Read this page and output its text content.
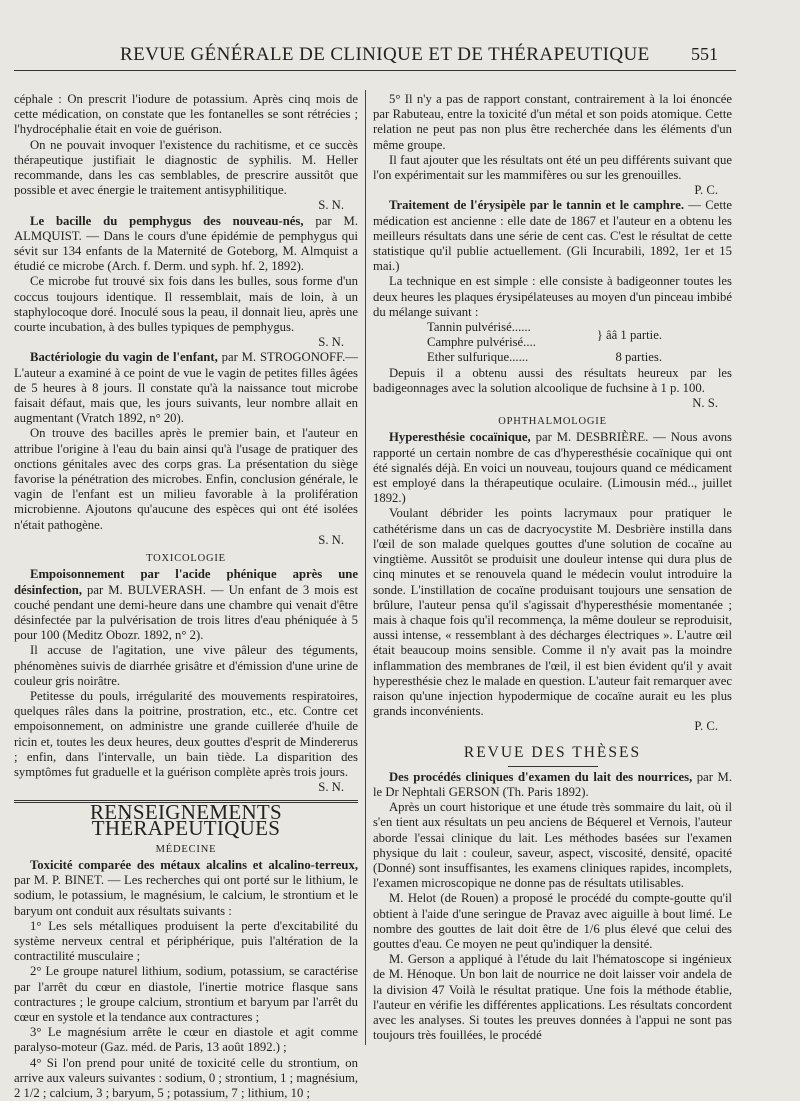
REVUE GÉNÉRALE DE CLINIQUE ET DE THÉRAPEUTIQUE 551

céphale : On prescrit l'iodure de potassium. Après cinq mois de cette médication, on constate que les fontanelles se sont rétrécies ; l'hydrocéphalie était en voie de guérison.

On ne pouvait invoquer l'existence du rachitisme, et ce succès thérapeutique justifiait le diagnostic de syphilis. M. Heller recommande, dans les cas semblables, de prescrire aussitôt que possible et avec énergie le traitement antisyphilitique.

S. N.

Le bacille du pemphygus des nouveau-nés, par M. ALMQUIST. — Dans le cours d'une épidémie de pemphygus qui sévit sur 134 enfants de la Maternité de Goteborg, M. Almquist a étudié ce microbe (Arch. f. Derm. und syph. hf. 2, 1892).

Ce microbe fut trouvé six fois dans les bulles, sous forme d'un coccus toujours identique. Il ressemblait, mais de loin, à un staphylocoque doré. Inoculé sous la peau, il donnait lieu, après une courte incubation, à des bulles typiques de pemphygus.

S. N.

Bactériologie du vagin de l'enfant, par M. STROGONOFF.— L'auteur a examiné à ce point de vue le vagin de petites filles âgées de 5 heures à 8 jours. Il constate qu'à la naissance tout microbe faisait défaut, mais que, les jours suivants, leur nombre allait en augmentant (Vratch 1892, n° 20).

On trouve des bacilles après le premier bain, et l'auteur en attribue l'origine à l'eau du bain ainsi qu'à l'usage de pratiquer des onctions génitales avec des corps gras. La présentation du siège favorise la pénétration des microbes. Enfin, conclusion générale, le vagin de l'enfant est un milieu favorable à la prolifération microbienne. Ajoutons qu'aucune des espèces qui ont été isolées n'était pathogène.

S. N.

TOXICOLOGIE

Empoisonnement par l'acide phénique après une désinfection, par M. BULVERASH. — Un enfant de 3 mois est couché pendant une demi-heure dans une chambre qui venait d'être désinfectée par la pulvérisation de trois litres d'eau phéniquée à 5 pour 100 (Meditz Obozr. 1892, n° 2).

Il accuse de l'agitation, une vive pâleur des téguments, phénomènes suivis de diarrhée grisâtre et d'émission d'une urine de couleur gris noirâtre.

Petitesse du pouls, irrégularité des mouvements respiratoires, quelques râles dans la poitrine, prostration, etc., etc. Contre cet empoisonnement, on administre une grande cuillerée d'huile de ricin et, toutes les deux heures, deux gouttes d'esprit de Mindererus ; enfin, dans l'intervalle, un bain tiède. La disparition des symptômes fut graduelle et la guérison complète après trois jours.

S. N.

RENSEIGNEMENTS THÉRAPEUTIQUES
MÉDECINE

Toxicité comparée des métaux alcalins et alcalino-terreux, par M. P. BINET. — Les recherches qui ont porté sur le lithium, le sodium, le potassium, le magnésium, le calcium, le strontium et le baryum ont conduit aux résultats suivants :

1° Les sels métalliques produisent la perte d'excitabilité du système nerveux central et périphérique, puis l'altération de la contractilité musculaire ;

2° Le groupe naturel lithium, sodium, potassium, se caractérise par l'arrêt du cœur en diastole, l'inertie motrice flasque sans contractures ; le groupe calcium, strontium et baryum par l'arrêt du cœur en systole et la tendance aux contractures ;

3° Le magnésium arrête le cœur en diastole et agit comme paralyso-moteur (Gaz. méd. de Paris, 13 août 1892.) ;

4° Si l'on prend pour unité de toxicité celle du strontium, on arrive aux valeurs suivantes : sodium, 0 ; strontium, 1 ; magnésium, 2 1/2 ; calcium, 3 ; baryum, 5 ; potassium, 7 ; lithium, 10 ;

5° Il n'y a pas de rapport constant, contrairement à la loi énoncée par Rabuteau, entre la toxicité d'un métal et son poids atomique. Cette relation ne peut pas non plus être recherchée dans les éléments d'un même groupe.

Il faut ajouter que les résultats ont été un peu différents suivant que l'on expérimentait sur les mammifères ou sur les grenouilles.

P. C.

Traitement de l'érysipèle par le tannin et le camphre. — Cette médication est ancienne : elle date de 1867 et l'auteur en a obtenu les meilleurs résultats dans une série de cent cas. C'est le résultat de cette statistique qu'il publie actuellement. (Gli Incurabili, 1892, 1er et 15 mai.)

La technique en est simple : elle consiste à badigeonner toutes les deux heures les plaques érysipélateuses au moyen d'un pinceau imbibé du mélange suivant :

Tannin pulvérisé......
Camphre pulvérisé....
} ââ 1 partie.
Ether sulfurique......	8 parties.

Depuis il a obtenu aussi des résultats heureux par les badigeonnages avec la solution alcoolique de fuchsine à 1 p. 100.

N. S.

OPHTHALMOLOGIE

Hyperesthésie cocaïnique, par M. DESBRIÈRE. — Nous avons rapporté un certain nombre de cas d'hyperesthésie cocaïnique qui ont été signalés déjà. En voici un nouveau, toujours quand ce médicament est employé dans la thérapeutique oculaire. (Limousin méd.., juillet 1892.)

Voulant débrider les points lacrymaux pour pratiquer le cathétérisme dans un cas de dacryocystite M. Desbrière instilla dans l'œil de son malade quelques gouttes d'une solution de cocaïne au vingtième. Aussitôt se produisit une douleur intense qui dura plus de cinq minutes et se renouvela quand le médecin voulut introduire la sonde. L'instillation de cocaïne produisant toujours une sensation de brûlure, l'auteur pensa qu'il s'agissait d'hyperesthésie momentanée ; mais à chaque fois qu'il recommença, la même douleur se reproduisit, aussi intense, « ressemblant à des décharges électriques ». L'autre œil était beaucoup moins sensible. Comme il n'y avait pas la moindre inflammation des membranes de l'œil, il est bien évident qu'il y avait hyperesthésie chez le malade en question. L'auteur fait remarquer avec raison qu'une injection hypodermique de cocaïne aurait eu les plus grands inconvénients.

P. C.

REVUE DES THÈSES

Des procédés cliniques d'examen du lait des nourrices, par M. le Dr Nephtali GERSON (Th. Paris 1892).

Après un court historique et une étude très sommaire du lait, où il s'en tient aux résultats un peu anciens de Béquerel et Vernois, l'auteur aborde l'essai clinique du lait. Les méthodes basées sur l'examen physique du lait : couleur, saveur, aspect, viscosité, densité, opacité (Donné) sont insuffisantes, les examens cliniques rapides, incomplets, l'examen microscopique ne donne pas de résultats utilisables.

M. Helot (de Rouen) a proposé le procédé du compte-goutte qu'il obtient à l'aide d'une seringue de Pravaz avec aiguille à bout limé. Le nombre des gouttes de lait doit être de 1/6 plus élevé que celui des gouttes d'eau. Ce moyen ne peut qu'indiquer la densité.

M. Gerson a appliqué à l'étude du lait l'hématoscope si ingénieux de M. Hénoque. Un bon lait de nourrice ne doit laisser voir andela de la division 47 Voilà le résultat pratique. Une fois la méthode établie, l'auteur en vérifie les différentes applications. Les résultats concordent avec les analyses. Si toutes les preuves données à l'appui ne sont pas toujours très fouillées, le procédé
